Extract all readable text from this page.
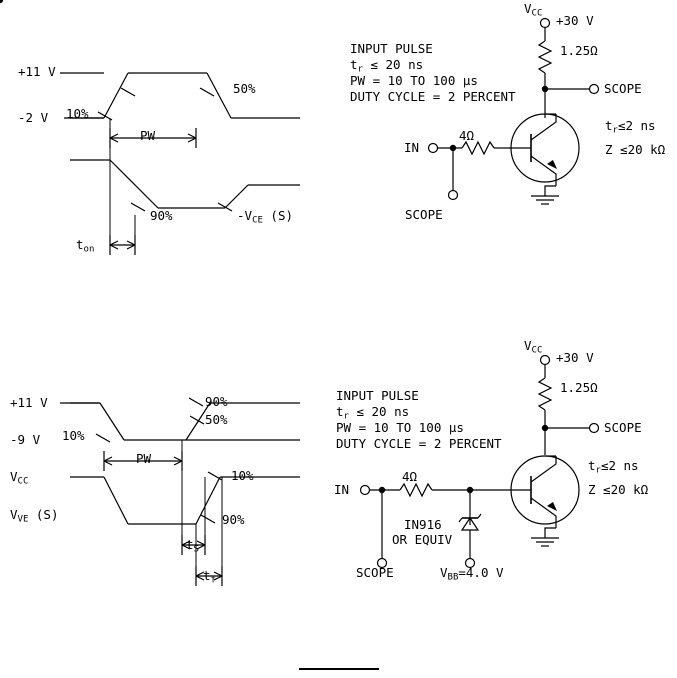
+11 V
-2 V 10%
50%
PW
90%	$-V_{CE}$ (S)
$t_{on}$
INPUT PULSE
$t_r \le 20$ ns
PW = 10 TO 100 µs
DUTY CYCLE = 2 PERCENT
$V_{CC} +30$ V
1.25Ω
SCOPE
4Ω
IN
SCOPE
$t_r\le 2$ ns
Z ≤20 kΩ
+11 V
-9 V 10%
90%
50%
PW
$V_{CC}$
$V_{VE}$ (S)
10%
90%
$t_S$
$t_f$
INPUT PULSE
$t_r \le 20$ ns
PW = 10 TO 100 µs
DUTY CYCLE = 2 PERCENT
$V_{CC} +30$ V
1.25Ω
SCOPE
4Ω
IN
SCOPE
IN916
OR EQUIV
$V_{BB}=4.0$ V
$t_r\le 2$ ns
Z ≤20 kΩ
